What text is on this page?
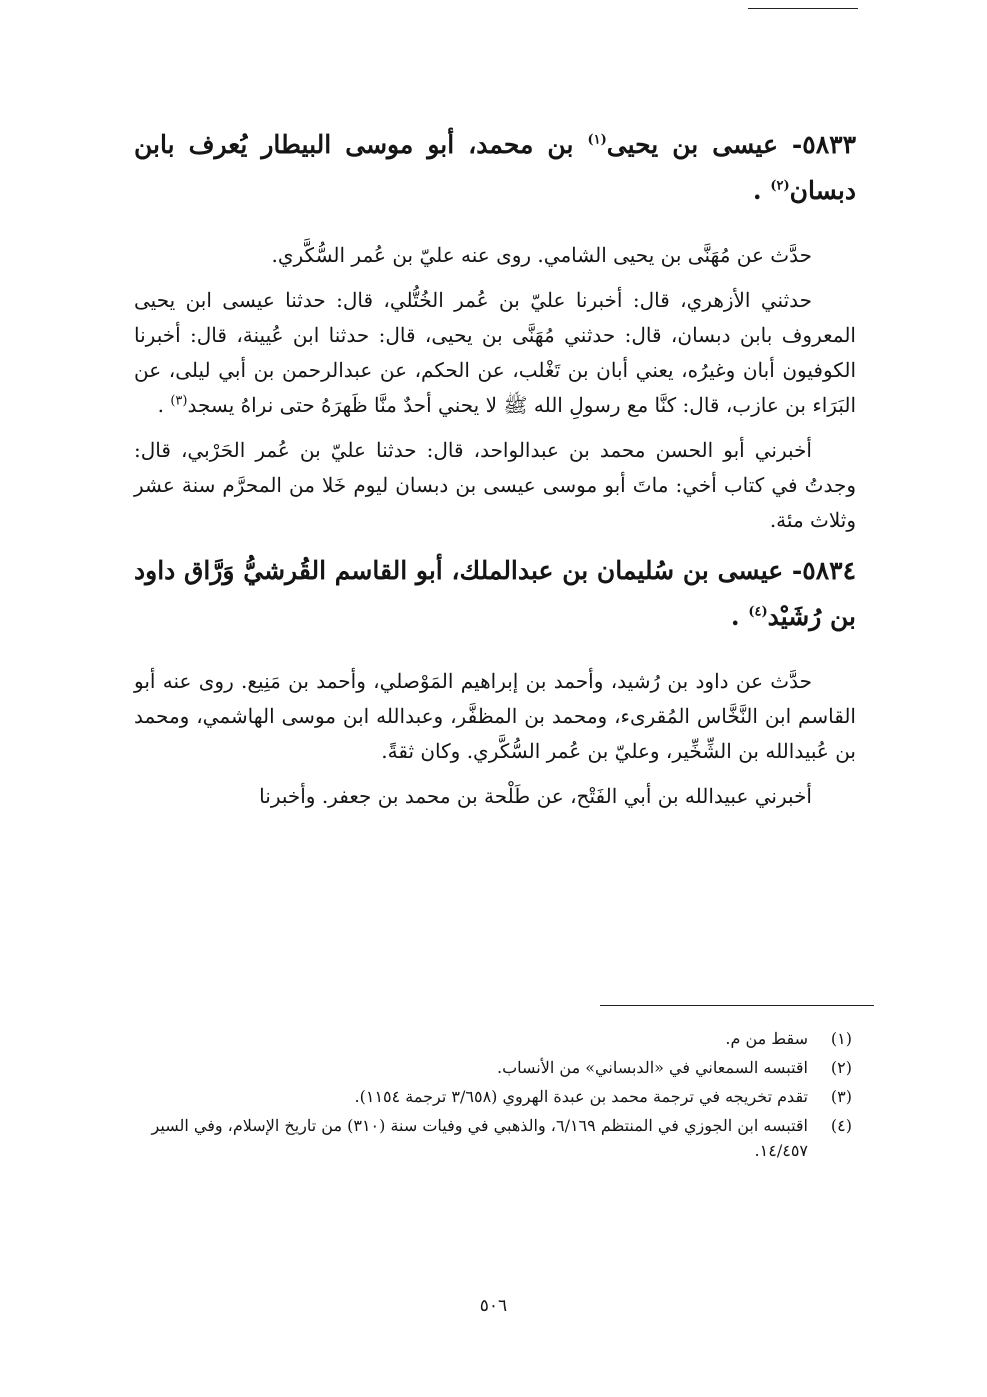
٥٨٣٣- عيسى بن يحيى$^{(١)}$ بن محمد، أبو موسى البيطار يُعرف بابن دبسان$^{(٢)}$ .

حدَّث عن مُهَنَّى بن يحيى الشامي. روى عنه عليّ بن عُمر السُّكَّري.

حدثني الأزهري، قال: أخبرنا عليّ بن عُمر الخُتُّلي، قال: حدثنا عيسى ابن يحيى المعروف بابن دبسان، قال: حدثني مُهَنَّى بن يحيى، قال: حدثنا ابن عُيينة، قال: أخبرنا الكوفيون أبان وغيرُه، يعني أبان بن تَغْلب، عن الحكم، عن عبدالرحمن بن أبي ليلى، عن البَرَاء بن عازب، قال: كنَّا مع رسولِ الله ﷺ لا يحني أحدٌ منَّا ظَهرَهُ حتى نراهُ يسجد$^{(٣)}$ .

أخبرني أبو الحسن محمد بن عبدالواحد، قال: حدثنا عليّ بن عُمر الحَرْبي، قال: وجدتُ في كتاب أخي: ماتَ أبو موسى عيسى بن دبسان ليوم خَلا من المحرَّم سنة عشر وثلاث مئة.

٥٨٣٤- عيسى بن سُليمان بن عبدالملك، أبو القاسم القُرشيُّ وَرَّاق داود بن رُشَيْد$^{(٤)}$ .

حدَّث عن داود بن رُشيد، وأحمد بن إبراهيم المَوْصلي، وأحمد بن مَنِيع. روى عنه أبو القاسم ابن النَّخَّاس المُقرىء، ومحمد بن المظفَّر، وعبدالله ابن موسى الهاشمي، ومحمد بن عُبيدالله بن الشِّخِّير، وعليّ بن عُمر السُّكَّري. وكان ثقةً.

أخبرني عبيدالله بن أبي الفَتْح، عن طَلْحة بن محمد بن جعفر. وأخبرنا

(١)
سقط من م.
(٢)
اقتبسه السمعاني في «الدبساني» من الأنساب.
(٣)
تقدم تخريجه في ترجمة محمد بن عبدة الهروي (٣/٦٥٨ ترجمة ١١٥٤).
(٤)
اقتبسه ابن الجوزي في المنتظم ٦/١٦٩، والذهبي في وفيات سنة (٣١٠) من تاريخ الإسلام، وفي السير ١٤/٤٥٧.
٥٠٦
